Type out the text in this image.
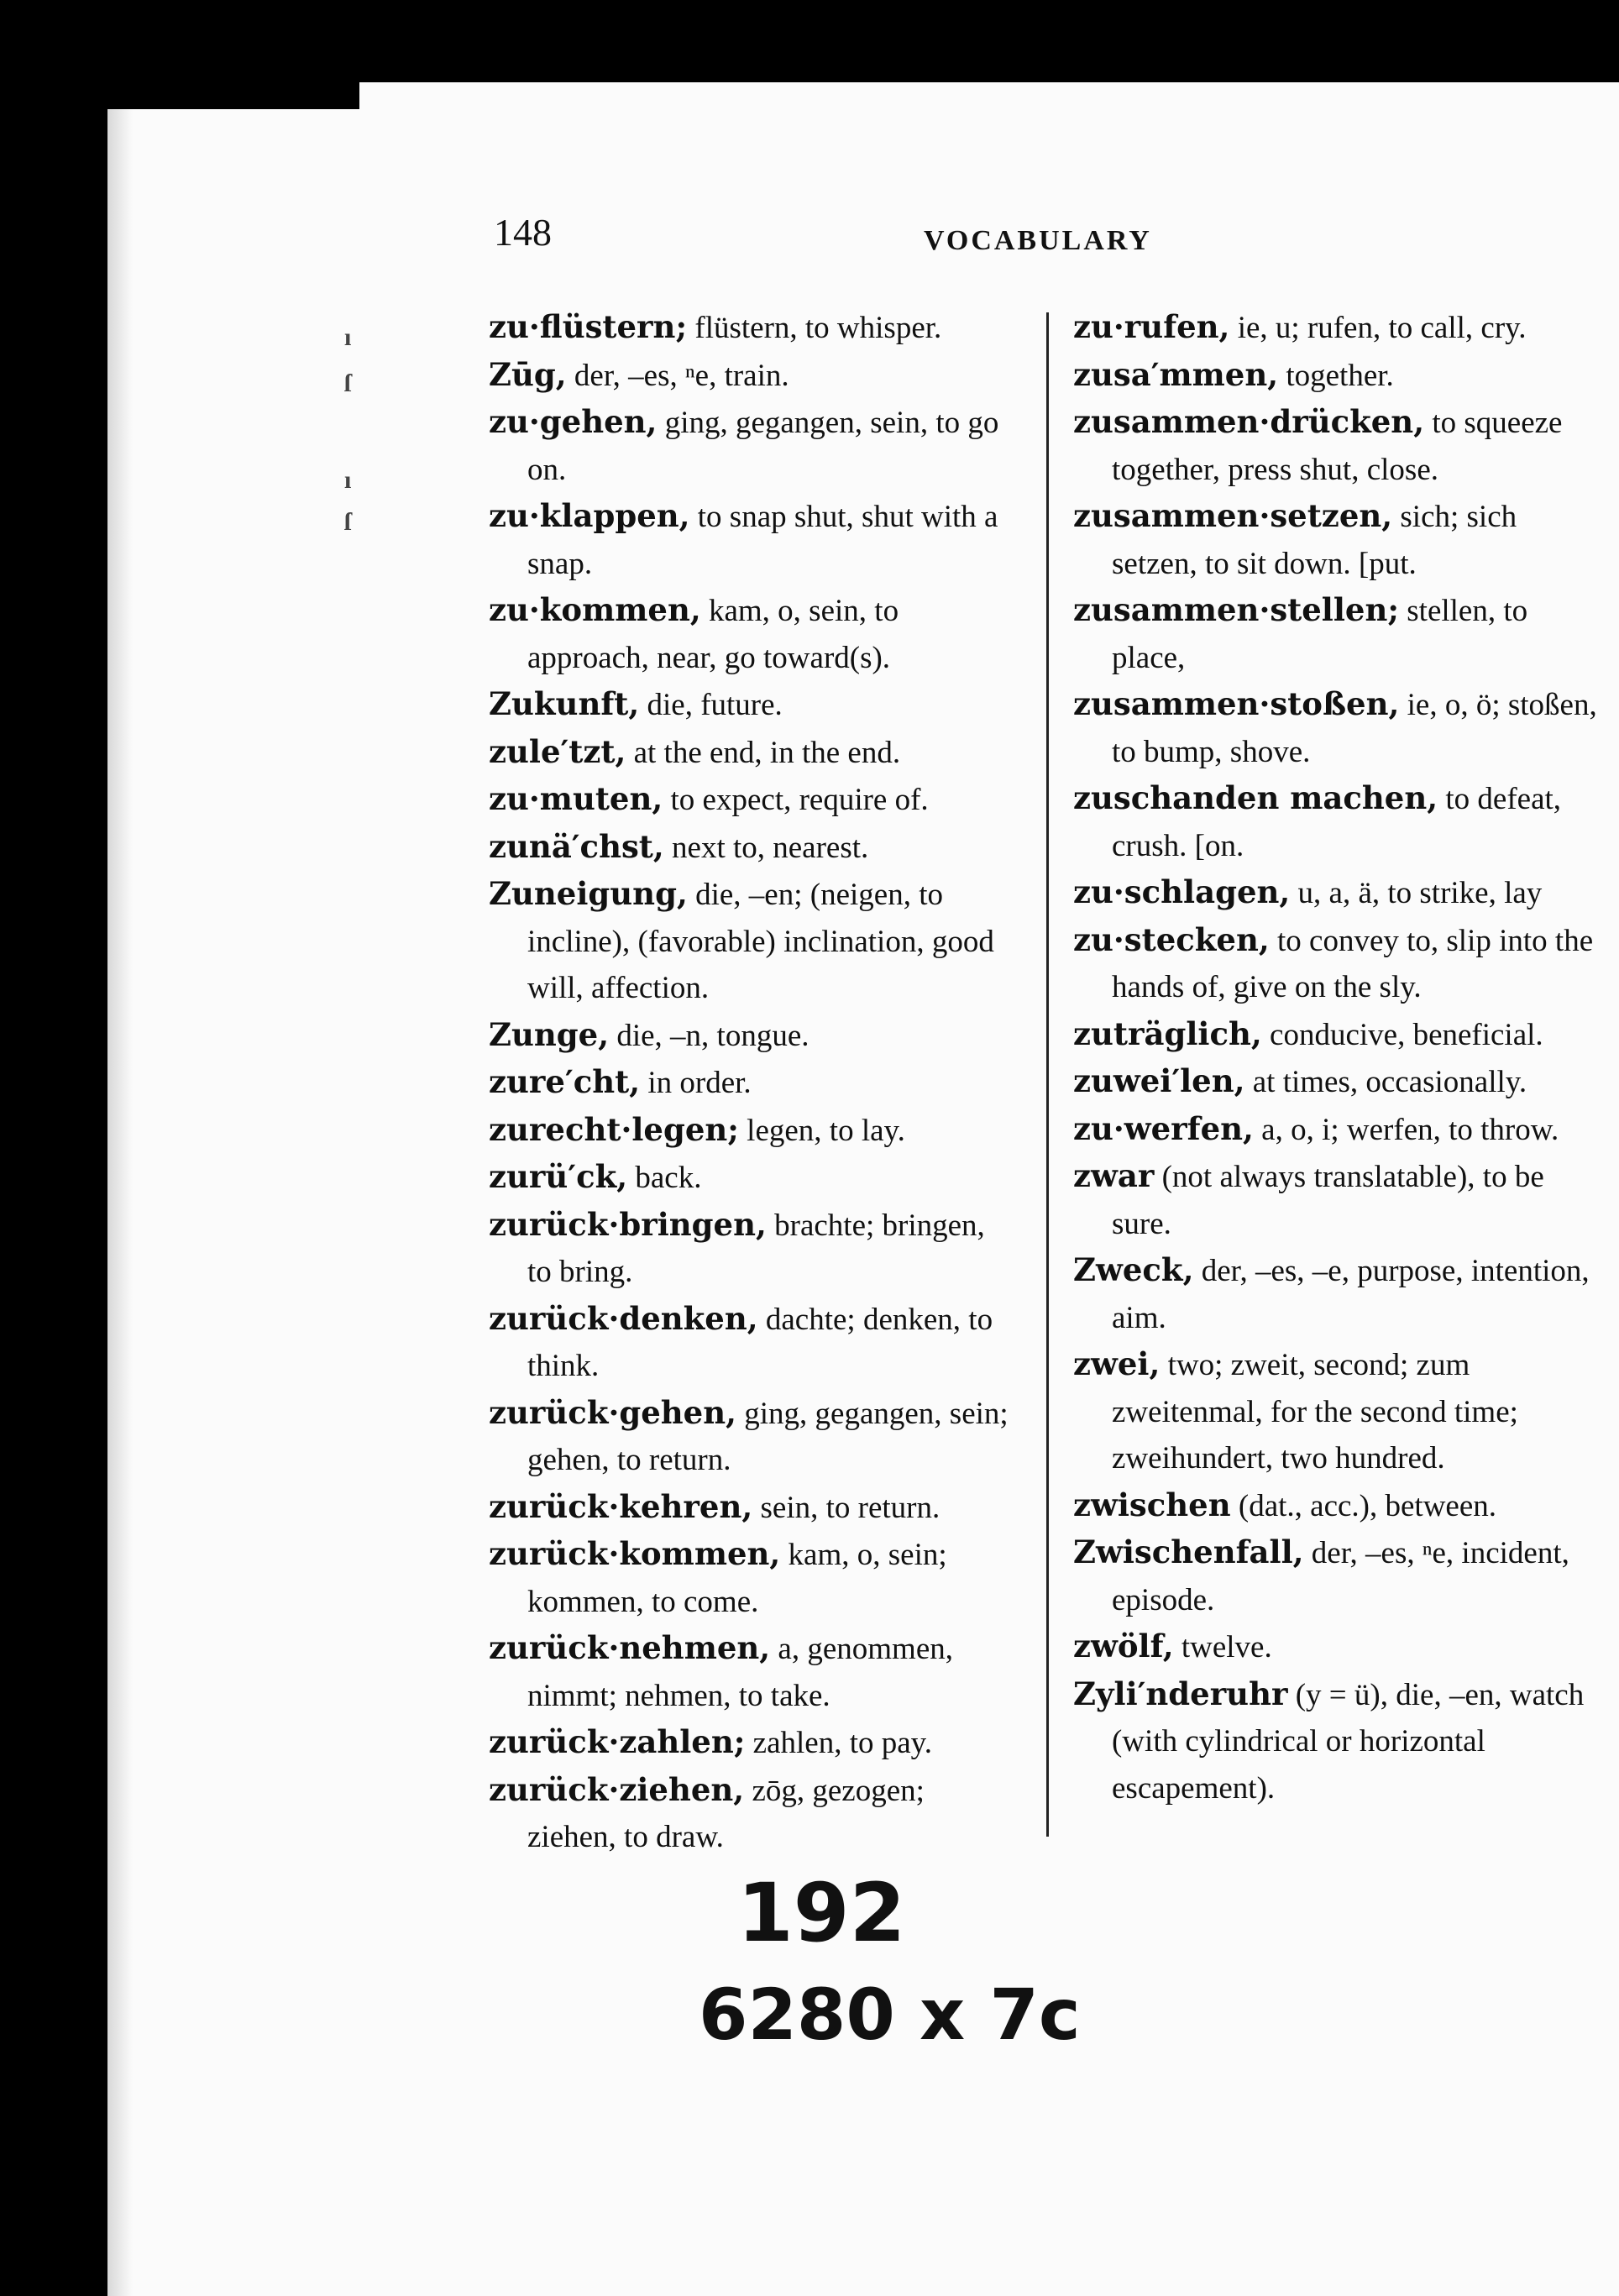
ı
ſ
ı
ſ
148	VOCABULARY

zu·flüstern; flüstern, to whisper.

Zūg, der, –es, ⁿe, train.

zu·gehen, ging, gegangen, sein, to go on.

zu·klappen, to snap shut, shut with a snap.

zu·kommen, kam, o, sein, to approach, near, go toward(s).

Zukunft, die, future.

zule′tzt, at the end, in the end.

zu·muten, to expect, require of.

zunä′chst, next to, nearest.

Zuneigung, die, –en; (neigen, to incline), (favorable) inclination, good will, affection.

Zunge, die, –n, tongue.

zure′cht, in order.

zurecht·legen; legen, to lay.

zurü′ck, back.

zurück·bringen, brachte; bringen, to bring.

zurück·denken, dachte; denken, to think.

zurück·gehen, ging, gegangen, sein; gehen, to return.

zurück·kehren, sein, to return.

zurück·kommen, kam, o, sein; kommen, to come.

zurück·nehmen, a, genommen, nimmt; nehmen, to take.

zurück·zahlen; zahlen, to pay.

zurück·ziehen, zōg, gezogen; ziehen, to draw.

zu·rufen, ie, u; rufen, to call, cry.

zusa′mmen, together.

zusammen·drücken, to squeeze together, press shut, close.

zusammen·setzen, sich; sich setzen, to sit down. [put.

zusammen·stellen; stellen, to place,

zusammen·stoßen, ie, o, ö; stoßen, to bump, shove.

zuschanden machen, to defeat, crush. [on.

zu·schlagen, u, a, ä, to strike, lay

zu·stecken, to convey to, slip into the hands of, give on the sly.

zuträglich, conducive, beneficial.

zuwei′len, at times, occasionally.

zu·werfen, a, o, i; werfen, to throw.

zwar (not always translatable), to be sure.

Zweck, der, –es, –e, purpose, intention, aim.

zwei, two; zweit, second; zum zweitenmal, for the second time; zweihundert, two hundred.

zwischen (dat., acc.), between.

Zwischenfall, der, –es, ⁿe, incident, episode.

zwölf, twelve.

Zyli′nderuhr (y = ü), die, –en, watch (with cylindrical or horizontal escapement).

192
6280 x 7c
